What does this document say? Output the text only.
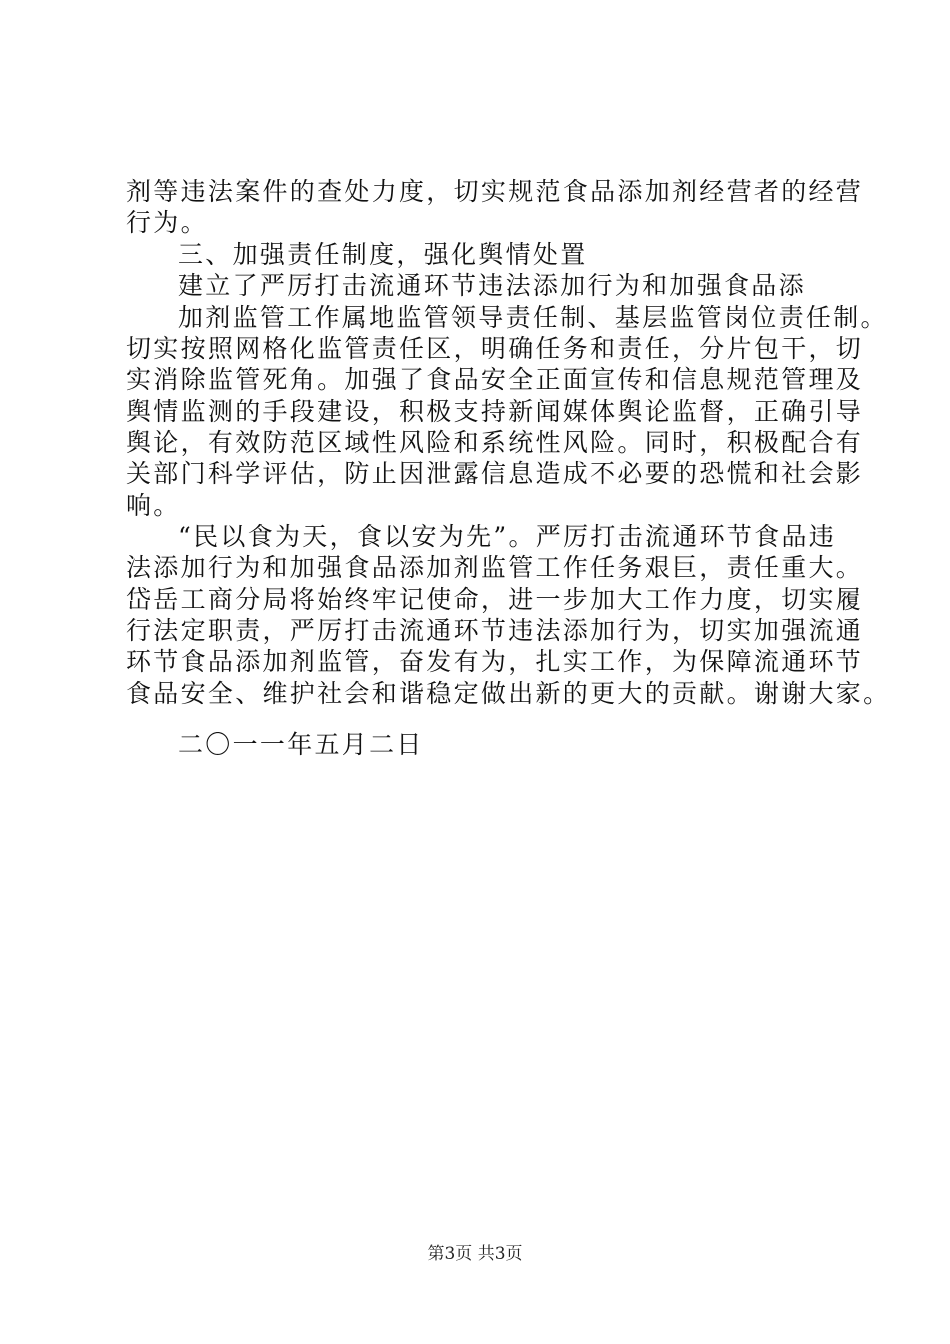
剂等违法案件的查处力度，切实规范食品添加剂经营者的经营
行为。
三、加强责任制度，强化舆情处置
建立了严厉打击流通环节违法添加行为和加强食品添
加剂监管工作属地监管领导责任制、基层监管岗位责任制。
切实按照网格化监管责任区，明确任务和责任，分片包干，切
实消除监管死角。加强了食品安全正面宣传和信息规范管理及
舆情监测的手段建设，积极支持新闻媒体舆论监督，正确引导
舆论，有效防范区域性风险和系统性风险。同时，积极配合有
关部门科学评估，防止因泄露信息造成不必要的恐慌和社会影
响。
“民以食为天，食以安为先”。严厉打击流通环节食品违
法添加行为和加强食品添加剂监管工作任务艰巨，责任重大。
岱岳工商分局将始终牢记使命，进一步加大工作力度，切实履
行法定职责，严厉打击流通环节违法添加行为，切实加强流通
环节食品添加剂监管，奋发有为，扎实工作，为保障流通环节
食品安全、维护社会和谐稳定做出新的更大的贡献。谢谢大家。
二〇一一年五月二日
第3页 共3页
